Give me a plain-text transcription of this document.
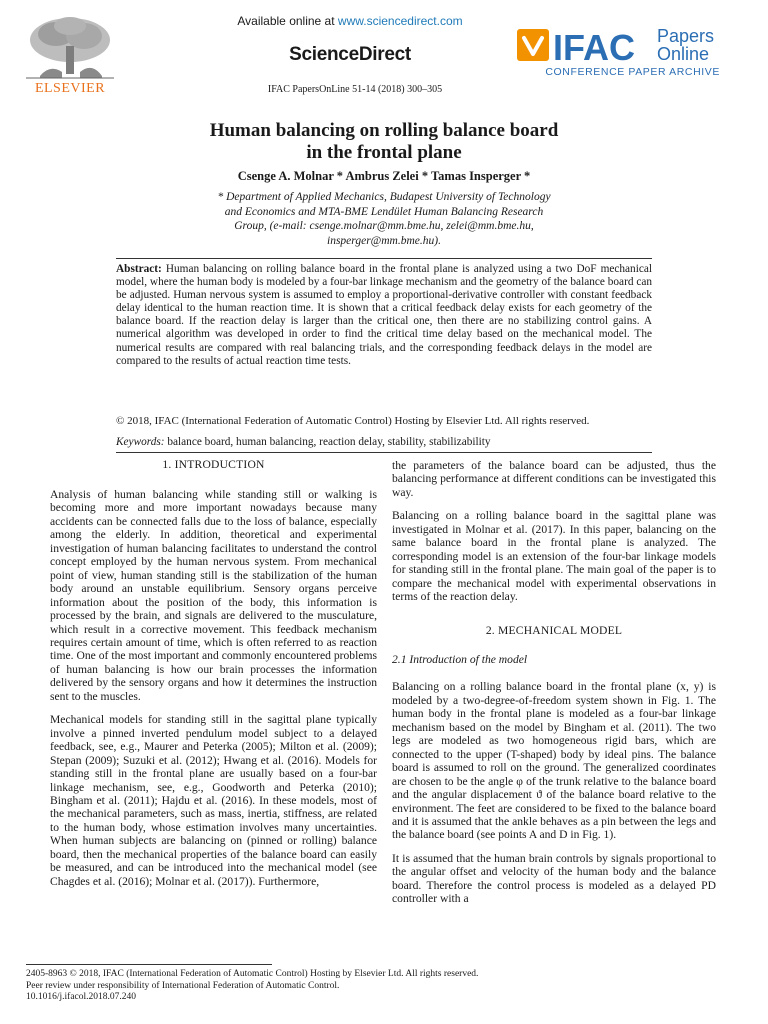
ELSEVIER
Available online at www.sciencedirect.com
ScienceDirect
IFAC PapersOnLine 51-14 (2018) 300–305
IFAC Papers
Online
CONFERENCE PAPER ARCHIVE
Human balancing on rolling balance board
in the frontal plane
Csenge A. Molnar * Ambrus Zelei * Tamas Insperger *
* Department of Applied Mechanics, Budapest University of Technology
and Economics and MTA-BME Lendület Human Balancing Research
Group, (e-mail: csenge.molnar@mm.bme.hu, zelei@mm.bme.hu,
insperger@mm.bme.hu).
Abstract: Human balancing on rolling balance board in the frontal plane is analyzed using a two DoF mechanical model, where the human body is modeled by a four-bar linkage mechanism and the geometry of the balance board can be adjusted. Human nervous system is assumed to employ a proportional-derivative controller with constant feedback delay identical to the human reaction time. It is shown that a critical feedback delay exists for each geometry of the balance board. If the reaction delay is larger than the critical one, then there are no stabilizing control gains. A numerical algorithm was developed in order to find the critical time delay based on the mechanical model. The numerical results are compared with real balancing trials, and the corresponding feedback delays in the model are compared to the results of actual reaction time tests.
© 2018, IFAC (International Federation of Automatic Control) Hosting by Elsevier Ltd. All rights reserved.
Keywords: balance board, human balancing, reaction delay, stability, stabilizability
1. INTRODUCTION

Analysis of human balancing while standing still or walking is becoming more and more important nowadays because many accidents can be connected falls due to the loss of balance, especially among the elderly. In addition, theoretical and experimental investigation of human balancing facilitates to understand the control concept employed by the human nervous system. From mechanical point of view, human standing still is the stabilization of the human body around an unstable equilibrium. Sensory organs perceive information about the position of the body, this information is processed by the brain, and signals are delivered to the musculature, which result in a corrective movement. This feedback mechanism requires certain amount of time, which is often referred to as reaction time. One of the most important and commonly encountered problems of human balancing is how our brain processes the information delivered by the sensory organs and how it determines the instruction sent to the muscles.

Mechanical models for standing still in the sagittal plane typically involve a pinned inverted pendulum model subject to a delayed feedback, see, e.g., Maurer and Peterka (2005); Milton et al. (2009); Stepan (2009); Suzuki et al. (2012); Hwang et al. (2016). Models for standing still in the frontal plane are usually based on a four-bar linkage mechanism, see, e.g., Goodworth and Peterka (2010); Bingham et al. (2011); Hajdu et al. (2016). In these models, most of the mechanical parameters, such as mass, inertia, stiffness, are related to the human body, whose estimation involves many uncertainties. When human subjects are balancing on (pinned or rolling) balance board, then the mechanical properties of the balance board can easily be measured, and can be introduced into the mechanical model (see Chagdes et al. (2016); Molnar et al. (2017)). Furthermore,

the parameters of the balance board can be adjusted, thus the balancing performance at different conditions can be investigated this way.

Balancing on a rolling balance board in the sagittal plane was investigated in Molnar et al. (2017). In this paper, balancing on the same balance board in the frontal plane is analyzed. The corresponding model is an extension of the four-bar linkage models for standing still in the frontal plane. The main goal of the paper is to compare the mechanical model with experimental observations in terms of the reaction delay.

2. MECHANICAL MODEL

2.1 Introduction of the model

Balancing on a rolling balance board in the frontal plane (x, y) is modeled by a two-degree-of-freedom system shown in Fig. 1. The human body in the frontal plane is modeled as a four-bar linkage mechanism based on the model by Bingham et al. (2011). The two legs are modeled as two homogeneous rigid bars, which are connected to the upper (T-shaped) body by ideal pins. The balance board is assumed to roll on the ground. The generalized coordinates are chosen to be the angle φ of the trunk relative to the balance board and the angular displacement ϑ of the balance board relative to the environment. The feet are considered to be fixed to the balance board and it is assumed that the ankle behaves as a pin between the legs and the balance board (see points A and D in Fig. 1).

It is assumed that the human brain controls by signals proportional to the angular offset and velocity of the human body and the balance board. Therefore the control process is modeled as a delayed PD controller with a

2405-8963 © 2018, IFAC (International Federation of Automatic Control) Hosting by Elsevier Ltd. All rights reserved.
Peer review under responsibility of International Federation of Automatic Control.
10.1016/j.ifacol.2018.07.240
